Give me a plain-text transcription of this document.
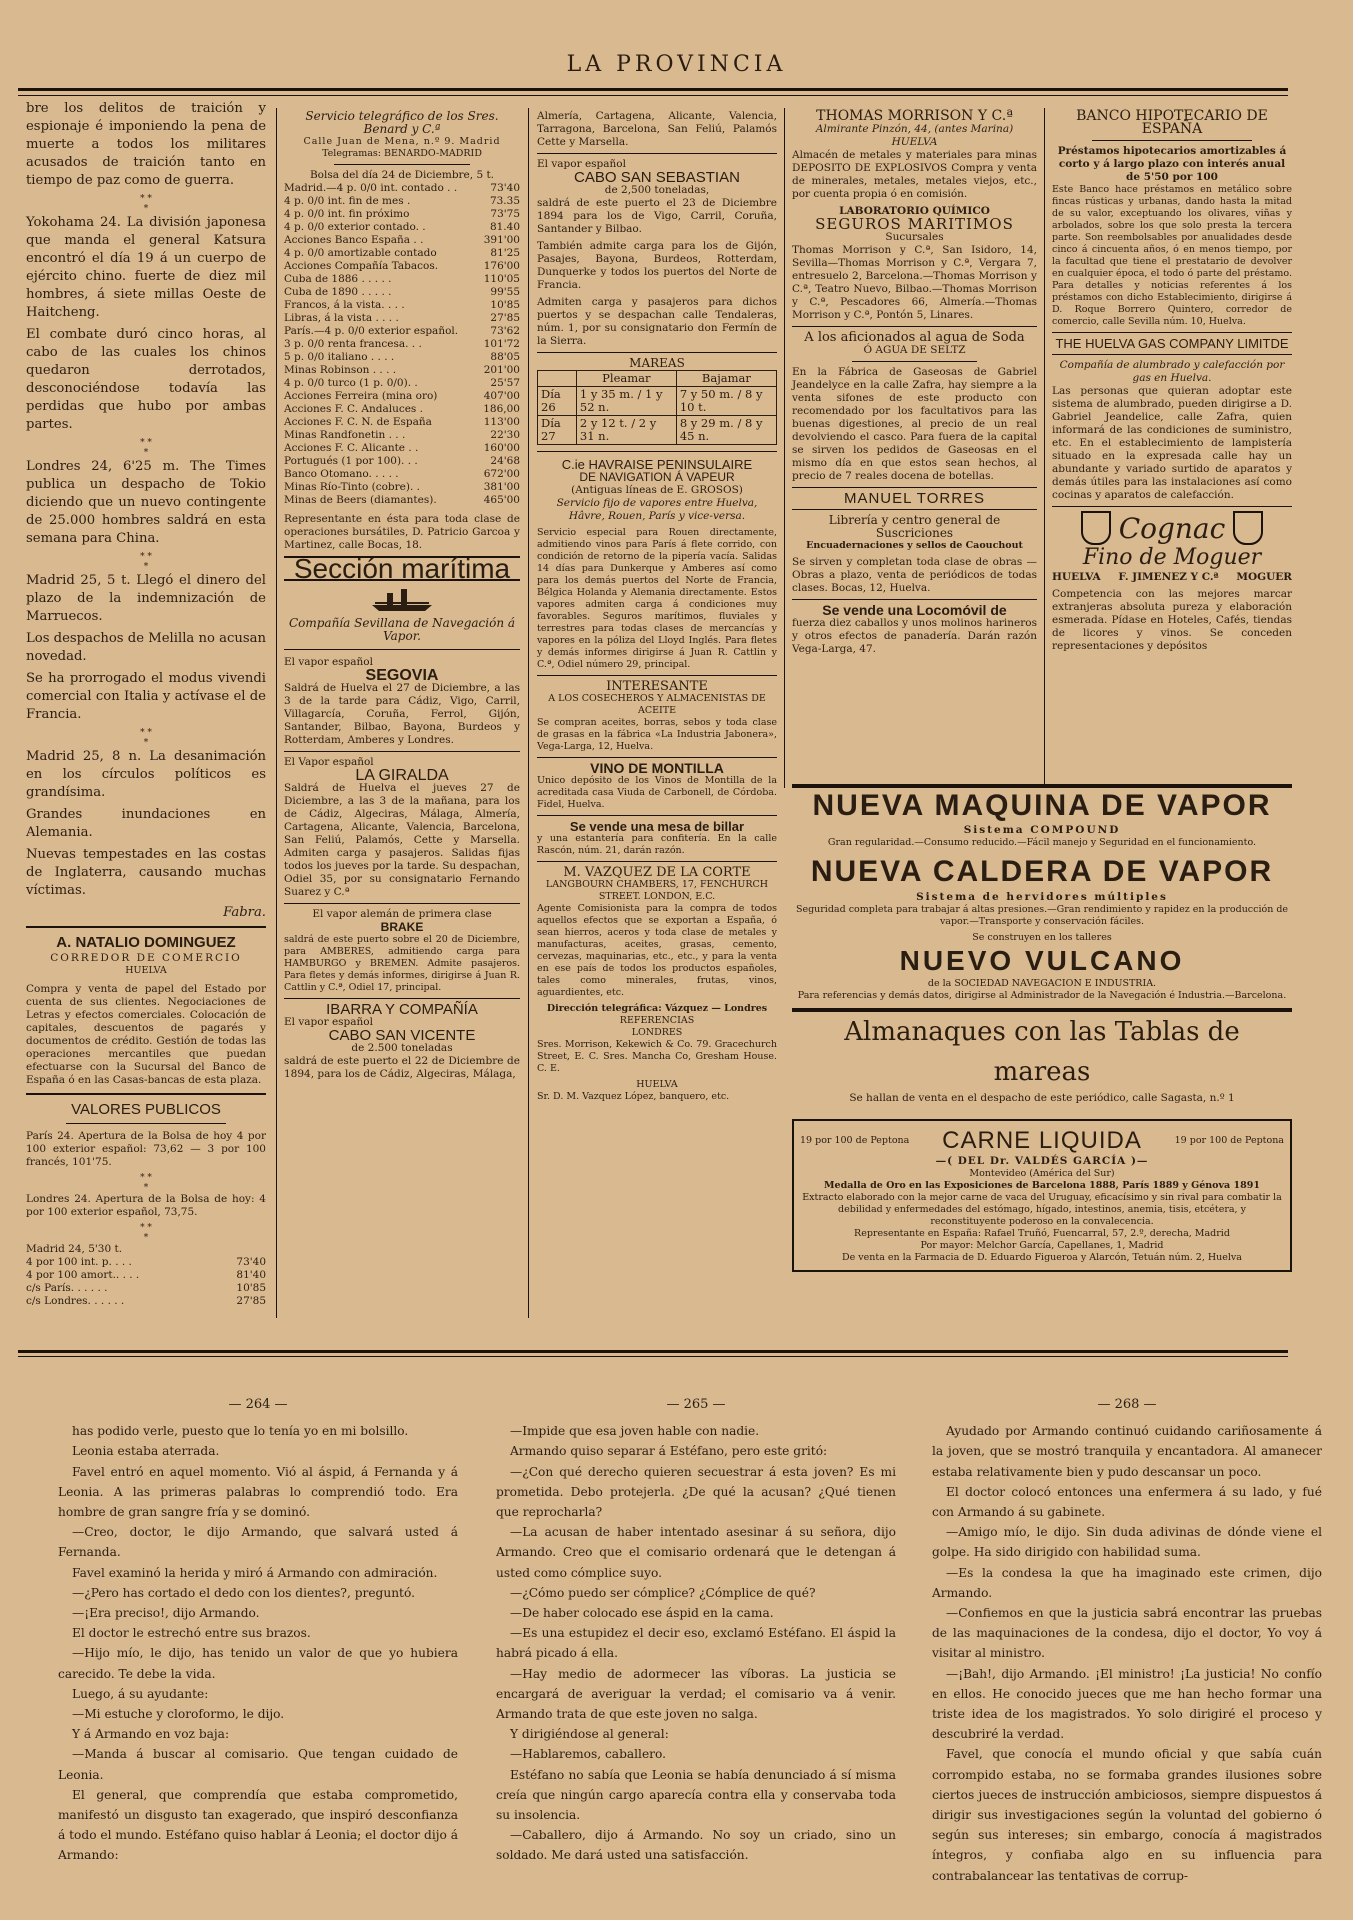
LA PROVINCIA

bre los delitos de traición y espionaje é imponiendo la pena de muerte a todos los militares acusados de traición tanto en tiempo de paz como de guerra.

* *
*

Yokohama 24. La división japonesa que manda el general Katsura encontró el día 19 á un cuerpo de ejército chino. fuerte de diez mil hombres, á siete millas Oeste de Haitcheng.

El combate duró cinco horas, al cabo de las cuales los chinos quedaron derrotados, desconociéndose todavía las perdidas que hubo por ambas partes.

* *
*

Londres 24, 6'25 m. The Times publica un despacho de Tokio diciendo que un nuevo contingente de 25.000 hombres saldrá en esta semana para China.

* *
*

Madrid 25, 5 t. Llegó el dinero del plazo de la indemnización de Marruecos.

Los despachos de Melilla no acusan novedad.

Se ha prorrogado el modus vivendi comercial con Italia y actívase el de Francia.

* *
*

Madrid 25, 8 n. La desanimación en los círculos políticos es grandísima.

Grandes inundaciones en Alemania.

Nuevas tempestades en las costas de Inglaterra, causando muchas víctimas.

Fabra.
A. NATALIO DOMINGUEZ
CORREDOR DE COMERCIO
HUELVA

Compra y venta de papel del Estado por cuenta de sus clientes. Negociaciones de Letras y efectos comerciales. Colocación de capitales, descuentos de pagarés y documentos de crédito. Gestión de todas las operaciones mercantiles que puedan efectuarse con la Sucursal del Banco de España ó en las Casas-bancas de esta plaza.

VALORES PUBLICOS

París 24. Apertura de la Bolsa de hoy 4 por 100 exterior español: 73,62 — 3 por 100 francés, 101'75.

* *
*

Londres 24. Apertura de la Bolsa de hoy: 4 por 100 exterior español, 73,75.

* *
*
Madrid 24, 5'30 t.
4 por 100 int. p. . . .	73'40
4 por 100 amort.. . . .	81'40
c/s París. . . . . .	10'85
c/s Londres. . . . . .	27'85
Servicio telegráfico de los Sres. Benard y C.ª
Calle Juan de Mena, n.º 9. Madrid
Telegramas: BENARDO-MADRID
Bolsa del día 24 de Diciembre, 5 t.
Madrid.—4 p. 0/0 int. contado . .	73'40
4 p. 0/0 int. fin de mes .	73.35
4 p. 0/0 int. fin próximo	73'75
4 p. 0/0 exterior contado. .	81.40
Acciones Banco España . .	391'00
4 p. 0/0 amortizable contado	81'25
Acciones Compañía Tabacos.	176'00
Cuba de 1886 . . . . .	110'05
Cuba de 1890 . . . . .	99'55
Francos, á la vista. . . .	10'85
Libras, á la vista . . . .	27'85
París.—4 p. 0/0 exterior español.	73'62
3 p. 0/0 renta francesa. . .	101'72
5 p. 0/0 italiano . . . .	88'05
Minas Robinson . . . .	201'00
4 p. 0/0 turco (1 p. 0/0). .	25'57
Acciones Ferreira (mina oro)	407'00
Acciones F. C. Andaluces .	186,00
Acciones F. C. N. de España	113'00
Minas Randfonetin . . .	22'30
Acciones F. C. Alicante . .	160'00
Portugués (1 por 100). . .	24'68
Banco Otomano. . . . .	672'00
Minas Río-Tinto (cobre). .	381'00
Minas de Beers (diamantes).	465'00

Representante en ésta para toda clase de operaciones bursátiles, D. Patricio Garcoa y Martinez, calle Bocas, 18.

Sección marítima
Compañía Sevillana de Navegación á Vapor.
El vapor español
SEGOVIA

Saldrá de Huelva el 27 de Diciembre, a las 3 de la tarde para Cádiz, Vigo, Carril, Villagarcía, Coruña, Ferrol, Gijón, Santander, Bilbao, Bayona, Burdeos y Rotterdam, Amberes y Londres.

El Vapor español
LA GIRALDA

Saldrá de Huelva el jueves 27 de Diciembre, a las 3 de la mañana, para los de Cádiz, Algeciras, Málaga, Almería, Cartagena, Alicante, Valencia, Barcelona, San Feliú, Palamós, Cette y Marsella. Admiten carga y pasajeros. Salidas fijas todos los jueves por la tarde. Su despachan, Odiel 35, por su consignatario Fernando Suarez y C.ª

El vapor alemán de primera clase
BRAKE

saldrá de este puerto sobre el 20 de Diciembre, para AMBERES, admitiendo carga para HAMBURGO y BREMEN. Admite pasajeros. Para fletes y demás informes, dirigirse á Juan R. Cattlin y C.ª, Odiel 17, principal.

IBARRA Y COMPAÑÍA
El vapor español
CABO SAN VICENTE
de 2.500 toneladas

saldrá de este puerto el 22 de Diciembre de 1894, para los de Cádiz, Algeciras, Málaga,

Almería, Cartagena, Alicante, Valencia, Tarragona, Barcelona, San Feliú, Palamós Cette y Marsella.

El vapor español
CABO SAN SEBASTIAN
de 2,500 toneladas,

saldrá de este puerto el 23 de Diciembre 1894 para los de Vigo, Carril, Coruña, Santander y Bilbao.

También admite carga para los de Gijón, Pasajes, Bayona, Burdeos, Rotterdam, Dunquerke y todos los puertos del Norte de Francia.

Admiten carga y pasajeros para dichos puertos y se despachan calle Tendaleras, núm. 1, por su consignatario don Fermín de la Sierra.

MAREAS
	Pleamar	Bajamar
Día 26	1 y 35 m. / 1 y 52 n.	7 y 50 m. / 8 y 10 t.
Día 27	2 y 12 t. / 2 y 31 n.	8 y 29 m. / 8 y 45 n.
C.ie HAVRAISE PENINSULAIRE
DE NAVIGATION Á VAPEUR
(Antiguas líneas de E. GROSOS)
Servicio fijo de vapores entre Huelva, Hâvre, Rouen, París y vice-versa.

Servicio especial para Rouen directamente, admitiendo vinos para París á flete corrido, con condición de retorno de la pipería vacía. Salidas 14 días para Dunkerque y Amberes así como para los demás puertos del Norte de Francia, Bélgica Holanda y Alemania directamente. Estos vapores admiten carga á condiciones muy favorables. Seguros marítimos, fluviales y terrestres para todas clases de mercancías y vapores en la póliza del Lloyd Inglés. Para fletes y demás informes dirigirse á Juan R. Cattlin y C.ª, Odiel número 29, principal.

INTERESANTE
A LOS COSECHEROS Y ALMACENISTAS DE ACEITE

Se compran aceites, borras, sebos y toda clase de grasas en la fábrica «La Industria Jabonera», Vega-Larga, 12, Huelva.

VINO DE MONTILLA

Unico depósito de los Vinos de Montilla de la acreditada casa Viuda de Carbonell, de Córdoba. Fidel, Huelva.

Se vende una mesa de billar

y una estantería para confitería. En la calle Rascón, núm. 21, darán razón.

M. VAZQUEZ DE LA CORTE
LANGBOURN CHAMBERS, 17, FENCHURCH STREET. LONDON, E.C.

Agente Comisionista para la compra de todos aquellos efectos que se exportan a España, ó sean hierros, aceros y toda clase de metales y manufacturas, aceites, grasas, cemento, cervezas, maquinarias, etc., etc., y para la venta en ese país de todos los productos españoles, tales como minerales, frutas, vinos, aguardientes, etc.

Dirección telegráfica: Vázquez — Londres
REFERENCIAS
LONDRES

Sres. Morrison, Kekewich & Co. 79. Gracechurch Street, E. C. Sres. Mancha Co, Gresham House. C. E.

HUELVA

Sr. D. M. Vazquez López, banquero, etc.

THOMAS MORRISON Y C.ª
Almirante Pinzón, 44, (antes Marina) HUELVA

Almacén de metales y materiales para minas DEPOSITO DE EXPLOSIVOS Compra y venta de minerales, metales, metales viejos, etc., por cuenta propia ó en comisión.

LABORATORIO QUÍMICO
SEGUROS MARITIMOS
Sucursales

Thomas Morrison y C.ª, San Isidoro, 14, Sevilla—Thomas Morrison y C.ª, Vergara 7, entresuelo 2, Barcelona.—Thomas Morrison y C.ª, Teatro Nuevo, Bilbao.—Thomas Morrison y C.ª, Pescadores 66, Almería.—Thomas Morrison y C.ª, Pontón 5, Linares.

A los aficionados al agua de Soda
Ó AGUA DE SELTZ

En la Fábrica de Gaseosas de Gabriel Jeandelyce en la calle Zafra, hay siempre a la venta sifones de este producto con recomendado por los facultativos para las buenas digestiones, al precio de un real devolviendo el casco. Para fuera de la capital se sirven los pedidos de Gaseosas en el mismo día en que estos sean hechos, al precio de 7 reales docena de botellas.

MANUEL TORRES
Librería y centro general de Suscriciones
Encuadernaciones y sellos de Caouchout

Se sirven y completan toda clase de obras —Obras a plazo, venta de periódicos de todas clases. Bocas, 12, Huelva.

Se vende una Locomóvil de

fuerza diez caballos y unos molinos harineros y otros efectos de panadería. Darán razón Vega-Larga, 47.

BANCO HIPOTECARIO DE ESPAÑA
Préstamos hipotecarios amortizables á corto y á largo plazo con interés anual de 5'50 por 100

Este Banco hace préstamos en metálico sobre fincas rústicas y urbanas, dando hasta la mitad de su valor, exceptuando los olivares, viñas y arbolados, sobre los que solo presta la tercera parte. Son reembolsables por anualidades desde cinco á cincuenta años, ó en menos tiempo, por la facultad que tiene el prestatario de devolver en cualquier época, el todo ó parte del préstamo. Para detalles y noticias referentes á los préstamos con dicho Establecimiento, dirigirse á D. Roque Borrero Quintero, corredor de comercio, calle Sevilla núm. 10, Huelva.

THE HUELVA GAS COMPANY LIMITDE
Compañía de alumbrado y calefacción por gas en Huelva.

Las personas que quieran adoptar este sistema de alumbrado, pueden dirigirse a D. Gabriel Jeandelice, calle Zafra, quien informará de las condiciones de suministro, etc. En el establecimiento de lampistería situado en la expresada calle hay un abundante y variado surtido de aparatos y demás útiles para las instalaciones así como cocinas y aparatos de calefacción.

Cognac
Fino de Moguer
HUELVA F. JIMENEZ Y C.ª MOGUER

Competencia con las mejores marcar extranjeras absoluta pureza y elaboración esmerada. Pídase en Hoteles, Cafés, tiendas de licores y vinos. Se conceden representaciones y depósitos

NUEVA MAQUINA DE VAPOR
Sistema COMPOUND
Gran regularidad.—Consumo reducido.—Fácil manejo y Seguridad en el funcionamiento.
NUEVA CALDERA DE VAPOR
Sistema de hervidores múltiples
Seguridad completa para trabajar á altas presiones.—Gran rendimiento y rapidez en la producción de vapor.—Transporte y conservación fáciles.
Se construyen en los talleres
NUEVO VULCANO
de la SOCIEDAD NAVEGACION E INDUSTRIA.
Para referencias y demás datos, dirigirse al Administrador de la Navegación é Industria.—Barcelona.
Almanaques con las Tablas de mareas
Se hallan de venta en el despacho de este periódico, calle Sagasta, n.º 1
19 por 100 de Peptona CARNE LIQUIDA	19 por 100 de Peptona
—( DEL Dr. VALDÉS GARCÍA )—
Montevideo (América del Sur)
Medalla de Oro en las Exposiciones de Barcelona 1888, París 1889 y Génova 1891
Extracto elaborado con la mejor carne de vaca del Uruguay, eficacísimo y sin rival para combatir la debilidad y enfermedades del estómago, hígado, intestinos, anemia, tisis, etcétera, y reconstituyente poderoso en la convalecencia.
Representante en España: Rafael Truñó, Fuencarral, 57, 2.º, derecha, Madrid
Por mayor: Melchor García, Capellanes, 1, Madrid
De venta en la Farmacia de D. Eduardo Figueroa y Alarcón, Tetuán núm. 2, Huelva
— 264 —

has podido verle, puesto que lo tenía yo en mi bolsillo.

Leonia estaba aterrada.

Favel entró en aquel momento. Vió al áspid, á Fernanda y á Leonia. A las primeras palabras lo comprendió todo. Era hombre de gran sangre fría y se dominó.

—Creo, doctor, le dijo Armando, que salvará usted á Fernanda.

Favel examinó la herida y miró á Armando con admiración.

—¿Pero has cortado el dedo con los dientes?, preguntó.

—¡Era preciso!, dijo Armando.

El doctor le estrechó entre sus brazos.

—Hijo mío, le dijo, has tenido un valor de que yo hubiera carecido. Te debe la vida.

Luego, á su ayudante:

—Mi estuche y cloroformo, le dijo.

Y á Armando en voz baja:

—Manda á buscar al comisario. Que tengan cuidado de Leonia.

El general, que comprendía que estaba comprometido, manifestó un disgusto tan exagerado, que inspiró desconfianza á todo el mundo. Estéfano quiso hablar á Leonia; el doctor dijo á Armando:

— 265 —

—Impide que esa joven hable con nadie.

Armando quiso separar á Estéfano, pero este gritó:

—¿Con qué derecho quieren secuestrar á esta joven? Es mi prometida. Debo protejerla. ¿De qué la acusan? ¿Qué tienen que reprocharla?

—La acusan de haber intentado asesinar á su señora, dijo Armando. Creo que el comisario ordenará que le detengan á usted como cómplice suyo.

—¿Cómo puedo ser cómplice? ¿Cómplice de qué?

—De haber colocado ese áspid en la cama.

—Es una estupidez el decir eso, exclamó Estéfano. El áspid la habrá picado á ella.

—Hay medio de adormecer las víboras. La justicia se encargará de averiguar la verdad; el comisario va á venir. Armando trata de que este joven no salga.

Y dirigiéndose al general:

—Hablaremos, caballero.

Estéfano no sabía que Leonia se había denunciado á sí misma creía que ningún cargo aparecía contra ella y conservaba toda su insolencia.

—Caballero, dijo á Armando. No soy un criado, sino un soldado. Me dará usted una satisfacción.

— 268 —

Ayudado por Armando continuó cuidando cariñosamente á la joven, que se mostró tranquila y encantadora. Al amanecer estaba relativamente bien y pudo descansar un poco.

El doctor colocó entonces una enfermera á su lado, y fué con Armando á su gabinete.

—Amigo mío, le dijo. Sin duda adivinas de dónde viene el golpe. Ha sido dirigido con habilidad suma.

—Es la condesa la que ha imaginado este crimen, dijo Armando.

—Confiemos en que la justicia sabrá encontrar las pruebas de las maquinaciones de la condesa, dijo el doctor, Yo voy á visitar al ministro.

—¡Bah!, dijo Armando. ¡El ministro! ¡La justicia! No confío en ellos. He conocido jueces que me han hecho formar una triste idea de los magistrados. Yo solo dirigiré el proceso y descubriré la verdad.

Favel, que conocía el mundo oficial y que sabía cuán corrompido estaba, no se formaba grandes ilusiones sobre ciertos jueces de instrucción ambiciosos, siempre dispuestos á dirigir sus investigaciones según la voluntad del gobierno ó según sus intereses; sin embargo, conocía á magistrados íntegros, y confiaba algo en su influencia para contrabalancear las tentativas de corrup-
